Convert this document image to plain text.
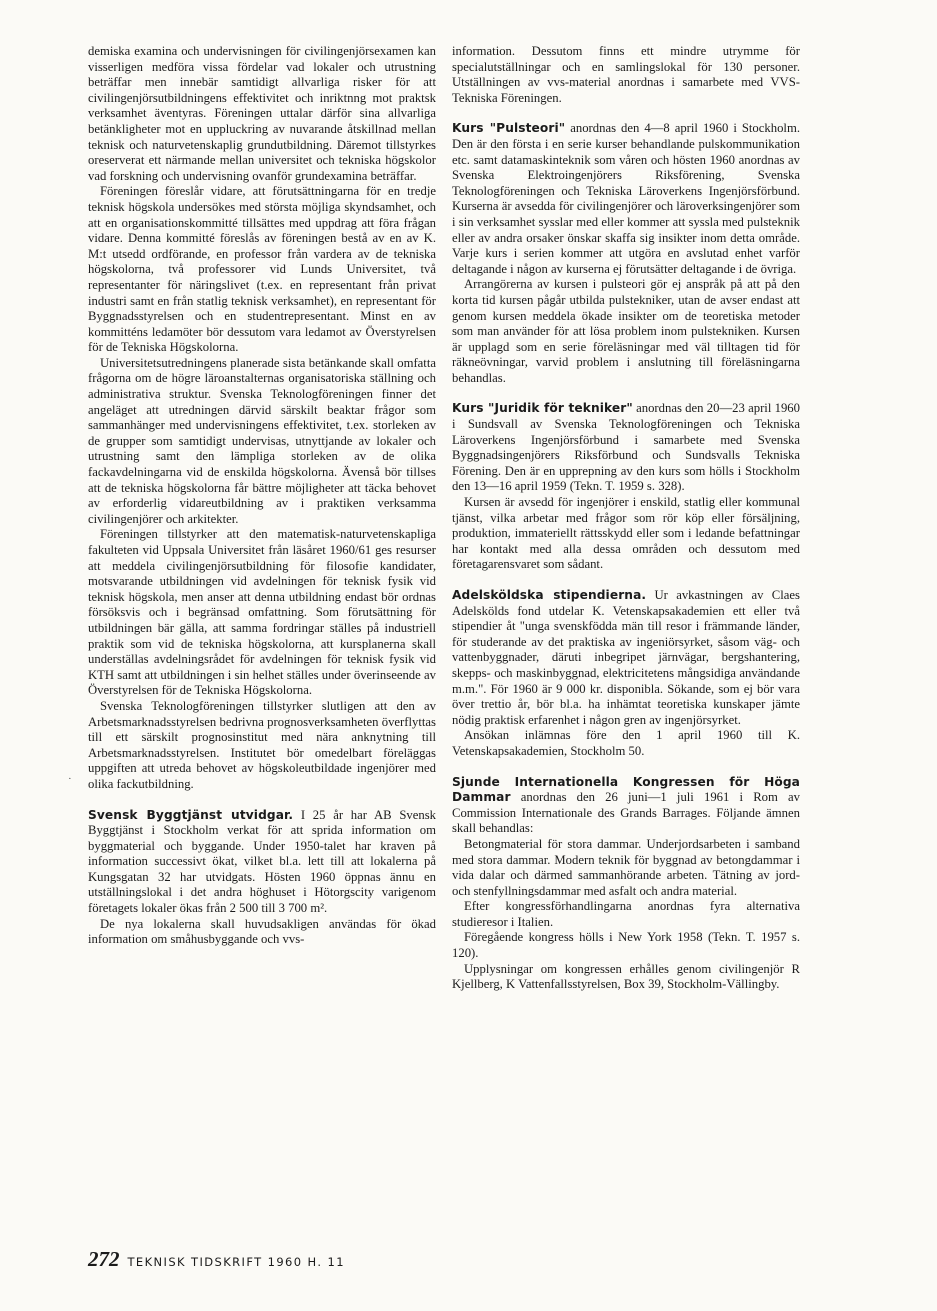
demiska examina och undervisningen för civilingenjörsexamen kan visserligen medföra vissa fördelar vad lokaler och utrustning beträffar men innebär samtidigt allvarliga risker för att civilingenjörsutbildningens effektivitet och inriktnng mot praktsk verksamhet äventyras. Föreningen uttalar därför sina allvarliga betänkligheter mot en uppluckring av nuvarande åtskillnad mellan teknisk och naturvetenskaplig grundutbildning. Däremot tillstyrkes oreserverat ett närmande mellan universitet och tekniska högskolor vad forskning och undervisning ovanför grundexamina beträffar.

Föreningen föreslår vidare, att förutsättningarna för en tredje teknisk högskola undersökes med största möjliga skyndsamhet, och att en organisationskommitté tillsättes med uppdrag att föra frågan vidare. Denna kommitté föreslås av föreningen bestå av en av K. M:t utsedd ordförande, en professor från vardera av de tekniska högskolorna, två professorer vid Lunds Universitet, två representanter för näringslivet (t.ex. en representant från privat industri samt en från statlig teknisk verksamhet), en representant för Byggnadsstyrelsen och en studentrepresentant. Minst en av kommitténs ledamöter bör dessutom vara ledamot av Överstyrelsen för de Tekniska Högskolorna.

Universitetsutredningens planerade sista betänkande skall omfatta frågorna om de högre läroanstalternas organisatoriska ställning och administrativa struktur. Svenska Teknologföreningen finner det angeläget att utredningen därvid särskilt beaktar frågor som sammanhänger med undervisningens effektivitet, t.ex. storleken av de grupper som samtidigt undervisas, utnyttjande av lokaler och utrustning samt den lämpliga storleken av de olika fackavdelningarna vid de enskilda högskolorna. Ävenså bör tillses att de tekniska högskolorna får bättre möjligheter att täcka behovet av erforderlig vidareutbildning av i praktiken verksamma civilingenjörer och arkitekter.

Föreningen tillstyrker att den matematisk-naturvetenskapliga fakulteten vid Uppsala Universitet från läsåret 1960/61 ges resurser att meddela civilingenjörsutbildning för filosofie kandidater, motsvarande utbildningen vid avdelningen för teknisk fysik vid teknisk högskola, men anser att denna utbildning endast bör ordnas försöksvis och i begränsad omfattning. Som förutsättning för utbildningen bär gälla, att samma fordringar ställes på industriell praktik som vid de tekniska högskolorna, att kursplanerna skall underställas avdelningsrådet för avdelningen för teknisk fysik vid KTH samt att utbildningen i sin helhet ställes under överinseende av Överstyrelsen för de Tekniska Högskolorna.

Svenska Teknologföreningen tillstyrker slutligen att den av Arbetsmarknadsstyrelsen bedrivna prognosverksamheten överflyttas till ett särskilt prognosinstitut med nära anknytning till Arbetsmarknadsstyrelsen. Institutet bör omedelbart föreläggas uppgiften att utreda behovet av högskoleutbildade ingenjörer med olika fackutbildning.

Svensk Byggtjänst utvidgar. I 25 år har AB Svensk Byggtjänst i Stockholm verkat för att sprida information om byggmaterial och byggande. Under 1950-talet har kraven på information successivt ökat, vilket bl.a. lett till att lokalerna på Kungsgatan 32 har utvidgats. Hösten 1960 öppnas ännu en utställningslokal i det andra höghuset i Hötorgscity varigenom företagets lokaler ökas från 2 500 till 3 700 m².

De nya lokalerna skall huvudsakligen användas för ökad information om småhusbyggande och vvs-

information. Dessutom finns ett mindre utrymme för specialutställningar och en samlingslokal för 130 personer. Utställningen av vvs-material anordnas i samarbete med VVS-Tekniska Föreningen.

Kurs "Pulsteori" anordnas den 4—8 april 1960 i Stockholm. Den är den första i en serie kurser behandlande pulskommunikation etc. samt datamaskinteknik som våren och hösten 1960 anordnas av Svenska Elektroingenjörers Riksförening, Svenska Teknologföreningen och Tekniska Läroverkens Ingenjörsförbund. Kurserna är avsedda för civilingenjörer och läroverksingenjörer som i sin verksamhet sysslar med eller kommer att syssla med pulsteknik eller av andra orsaker önskar skaffa sig insikter inom detta område. Varje kurs i serien kommer att utgöra en avslutad enhet varför deltagande i någon av kurserna ej förutsätter deltagande i de övriga.

Arrangörerna av kursen i pulsteori gör ej anspråk på att på den korta tid kursen pågår utbilda pulstekniker, utan de avser endast att genom kursen meddela ökade insikter om de teoretiska metoder som man använder för att lösa problem inom pulstekniken. Kursen är upplagd som en serie föreläsningar med väl tilltagen tid för räkneövningar, varvid problem i anslutning till föreläsningarna behandlas.

Kurs "Juridik för tekniker" anordnas den 20—23 april 1960 i Sundsvall av Svenska Teknologföreningen och Tekniska Läroverkens Ingenjörsförbund i samarbete med Svenska Byggnadsingenjörers Riksförbund och Sundsvalls Tekniska Förening. Den är en upprepning av den kurs som hölls i Stockholm den 13—16 april 1959 (Tekn. T. 1959 s. 328).

Kursen är avsedd för ingenjörer i enskild, statlig eller kommunal tjänst, vilka arbetar med frågor som rör köp eller försäljning, produktion, immateriellt rättsskydd eller som i ledande befattningar har kontakt med alla dessa områden och dessutom med företagarensvaret som sådant.

Adelsköldska stipendierna. Ur avkastningen av Claes Adelskölds fond utdelar K. Vetenskapsakademien ett eller två stipendier åt "unga svenskfödda män till resor i främmande länder, för studerande av det praktiska av ingeniörsyrket, såsom väg- och vattenbyggnader, däruti inbegripet järnvägar, bergshantering, skepps- och maskinbyggnad, elektricitetens mångsidiga användande m.m.". För 1960 är 9 000 kr. disponibla. Sökande, som ej bör vara över trettio år, bör bl.a. ha inhämtat teoretiska kunskaper jämte nödig praktisk erfarenhet i någon gren av ingenjörsyrket.

Ansökan inlämnas före den 1 april 1960 till K. Vetenskapsakademien, Stockholm 50.

Sjunde Internationella Kongressen för Höga Dammar anordnas den 26 juni—1 juli 1961 i Rom av Commission Internationale des Grands Barrages. Följande ämnen skall behandlas:

Betongmaterial för stora dammar. Underjordsarbeten i samband med stora dammar. Modern teknik för byggnad av betongdammar i vida dalar och därmed sammanhörande arbeten. Tätning av jord- och stenfyllningsdammar med asfalt och andra material.

Efter kongressförhandlingarna anordnas fyra alternativa studieresor i Italien.

Föregående kongress hölls i New York 1958 (Tekn. T. 1957 s. 120).

Upplysningar om kongressen erhålles genom civilingenjör R Kjellberg, K Vattenfallsstyrelsen, Box 39, Stockholm-Vällingby.

·
272 TEKNISK TIDSKRIFT 1960 H. 11
